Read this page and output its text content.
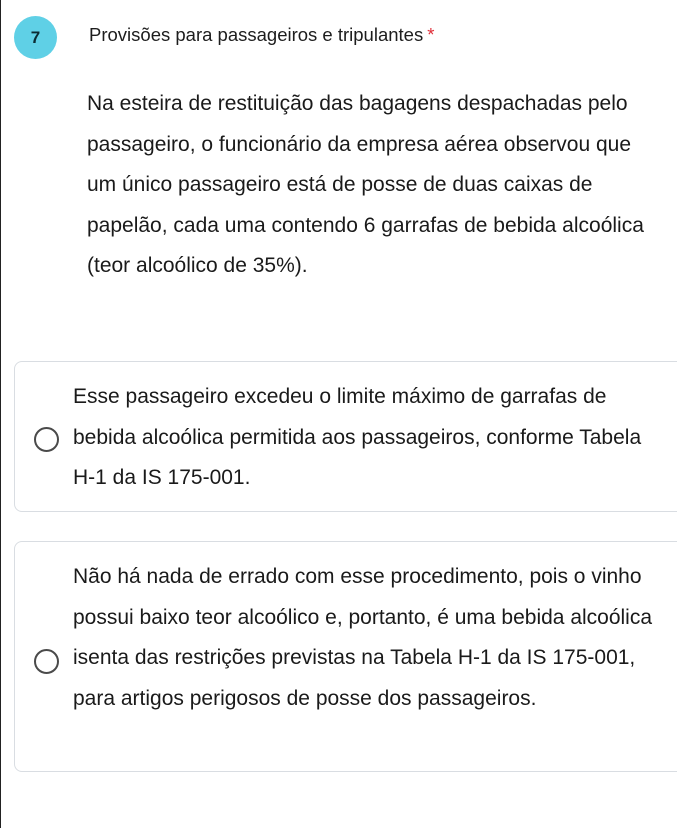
7	Provisões para passageiros e tripulantes *
Na esteira de restituição das bagagens despachadas pelo passageiro, o funcionário da empresa aérea observou que um único passageiro está de posse de duas caixas de papelão, cada uma contendo 6 garrafas de bebida alcoólica (teor alcoólico de 35%).
Esse passageiro excedeu o limite máximo de garrafas de bebida alcoólica permitida aos passageiros, conforme Tabela H-1 da IS 175-001.
Não há nada de errado com esse procedimento, pois o vinho possui baixo teor alcoólico e, portanto, é uma bebida alcoólica isenta das restrições previstas na Tabela H-1 da IS 175-001, para artigos perigosos de posse dos passageiros.
